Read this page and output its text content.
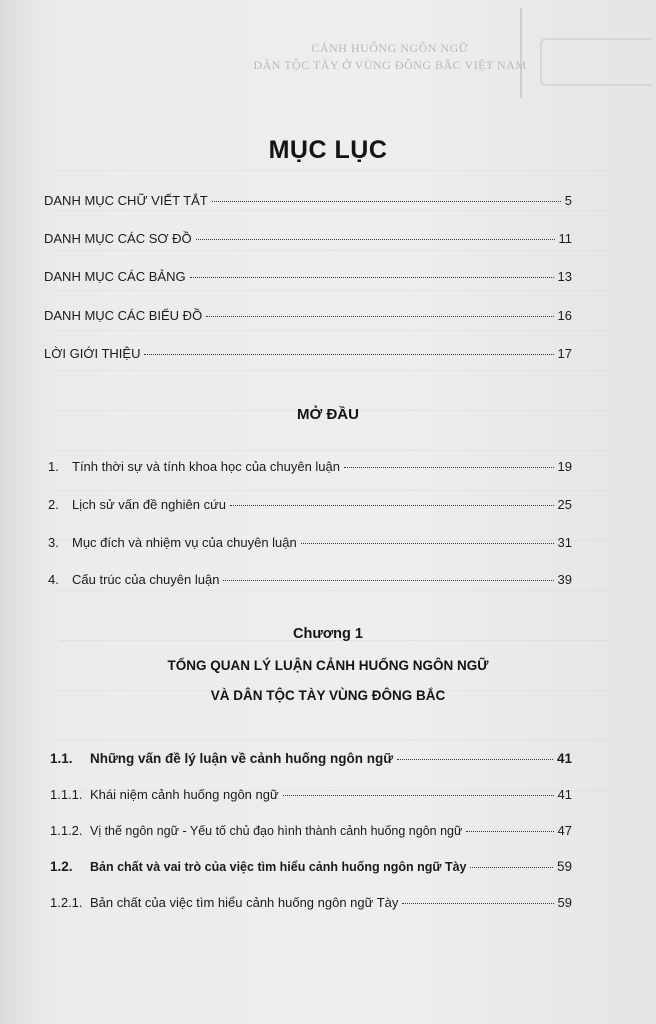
CẢNH HUỐNG NGÔN NGỮ
DÂN TỘC TÀY Ở VÙNG ĐÔNG BẮC VIỆT NAM
MỤC LỤC
DANH MỤC CHỮ VIẾT TẮT	5
DANH MỤC CÁC SƠ ĐỒ	11
DANH MỤC CÁC BẢNG	13
DANH MỤC CÁC BIỂU ĐỒ	16
LỜI GIỚI THIỆU	17
MỞ ĐẦU
1.	Tính thời sự và tính khoa học của chuyên luận	19
2.	Lịch sử vấn đề nghiên cứu	25
3.	Mục đích và nhiệm vụ của chuyên luận	31
4.	Cấu trúc của chuyên luận	39
Chương 1
TỔNG QUAN LÝ LUẬN CẢNH HUỐNG NGÔN NGỮ
VÀ DÂN TỘC TÀY VÙNG ĐÔNG BẮC
1.1.	Những vấn đề lý luận về cảnh huống ngôn ngữ	41
1.1.1. Khái niệm cảnh huống ngôn ngữ	41
1.1.2. Vị thế ngôn ngữ - Yếu tố chủ đạo hình thành cảnh huống ngôn ngữ	47
1.2.	Bản chất và vai trò của việc tìm hiểu cảnh huống ngôn ngữ Tày	59
1.2.1. Bản chất của việc tìm hiểu cảnh huống ngôn ngữ Tày	59
